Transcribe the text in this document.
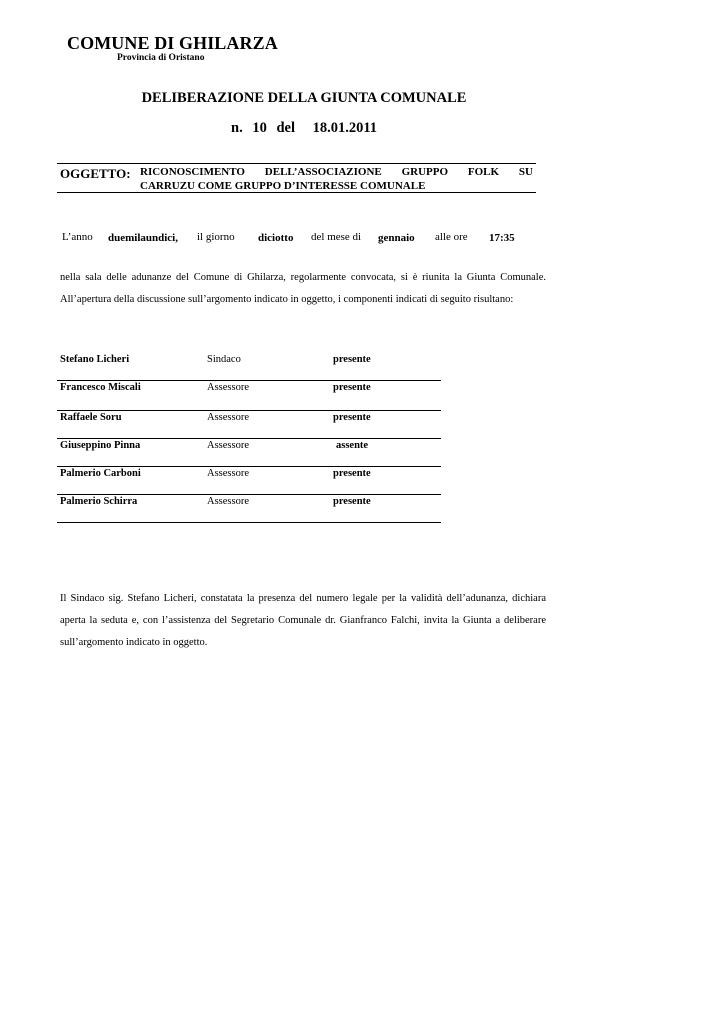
COMUNE DI GHILARZA
Provincia di Oristano
DELIBERAZIONE DELLA GIUNTA COMUNALE
n. 10 del 18.01.2011
OGGETTO: RICONOSCIMENTO DELL’ASSOCIAZIONE GRUPPO FOLK SU
CARRUZU COME GRUPPO D’INTERESSE COMUNALE
L’anno duemilaundici, il giorno diciotto del mese di gennaio alle ore 17:35
nella sala delle adunanze del Comune di Ghilarza, regolarmente convocata, si è riunita la Giunta Comunale. All’apertura della discussione sull’argomento indicato in oggetto, i componenti indicati di seguito risultano:
Stefano Licheri	Sindaco	presente
Francesco Miscali	Assessore	presente
Raffaele Soru	Assessore	presente
Giuseppino Pinna	Assessore	assente
Palmerio Carboni	Assessore	presente
Palmerio Schirra	Assessore	presente
Il Sindaco sig. Stefano Licheri, constatata la presenza del numero legale per la validità dell’adunanza, dichiara aperta la seduta e, con l’assistenza del Segretario Comunale dr. Gianfranco Falchi, invita la Giunta a deliberare sull’argomento indicato in oggetto.
